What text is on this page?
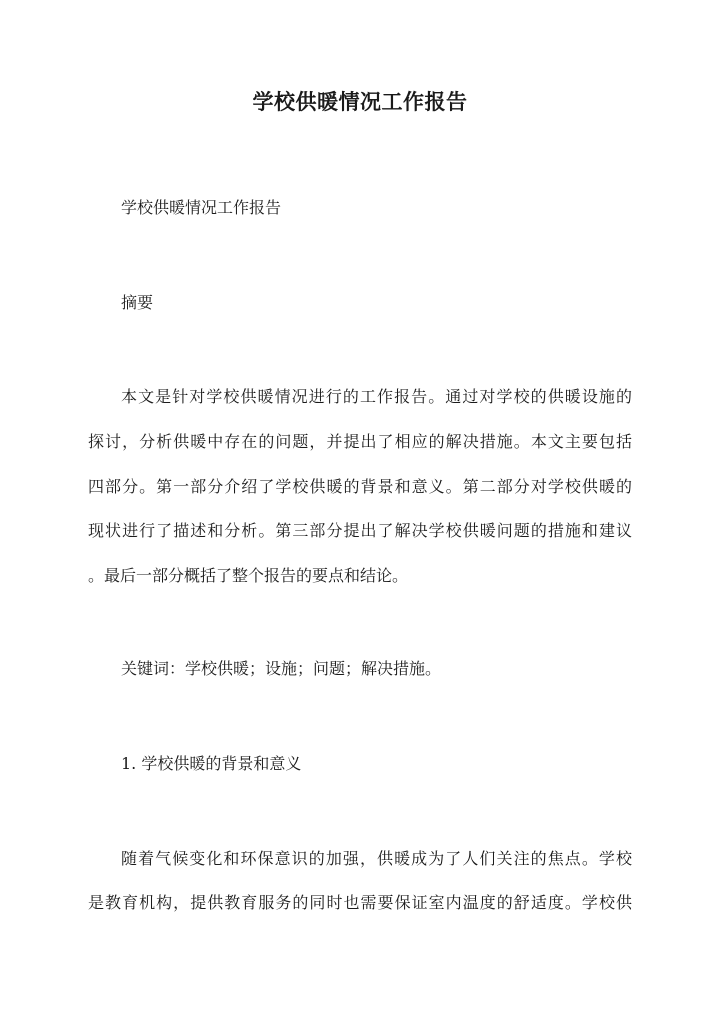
学校供暖情况工作报告

学校供暖情况工作报告

摘要

本文是针对学校供暖情况进行的工作报告。通过对学校的供暖设施的

探讨，分析供暖中存在的问题，并提出了相应的解决措施。本文主要包括

四部分。第一部分介绍了学校供暖的背景和意义。第二部分对学校供暖的

现状进行了描述和分析。第三部分提出了解决学校供暖问题的措施和建议

。最后一部分概括了整个报告的要点和结论。

关键词：学校供暖；设施；问题；解决措施。

1. 学校供暖的背景和意义

随着气候变化和环保意识的加强，供暖成为了人们关注的焦点。学校

是教育机构，提供教育服务的同时也需要保证室内温度的舒适度。学校供
